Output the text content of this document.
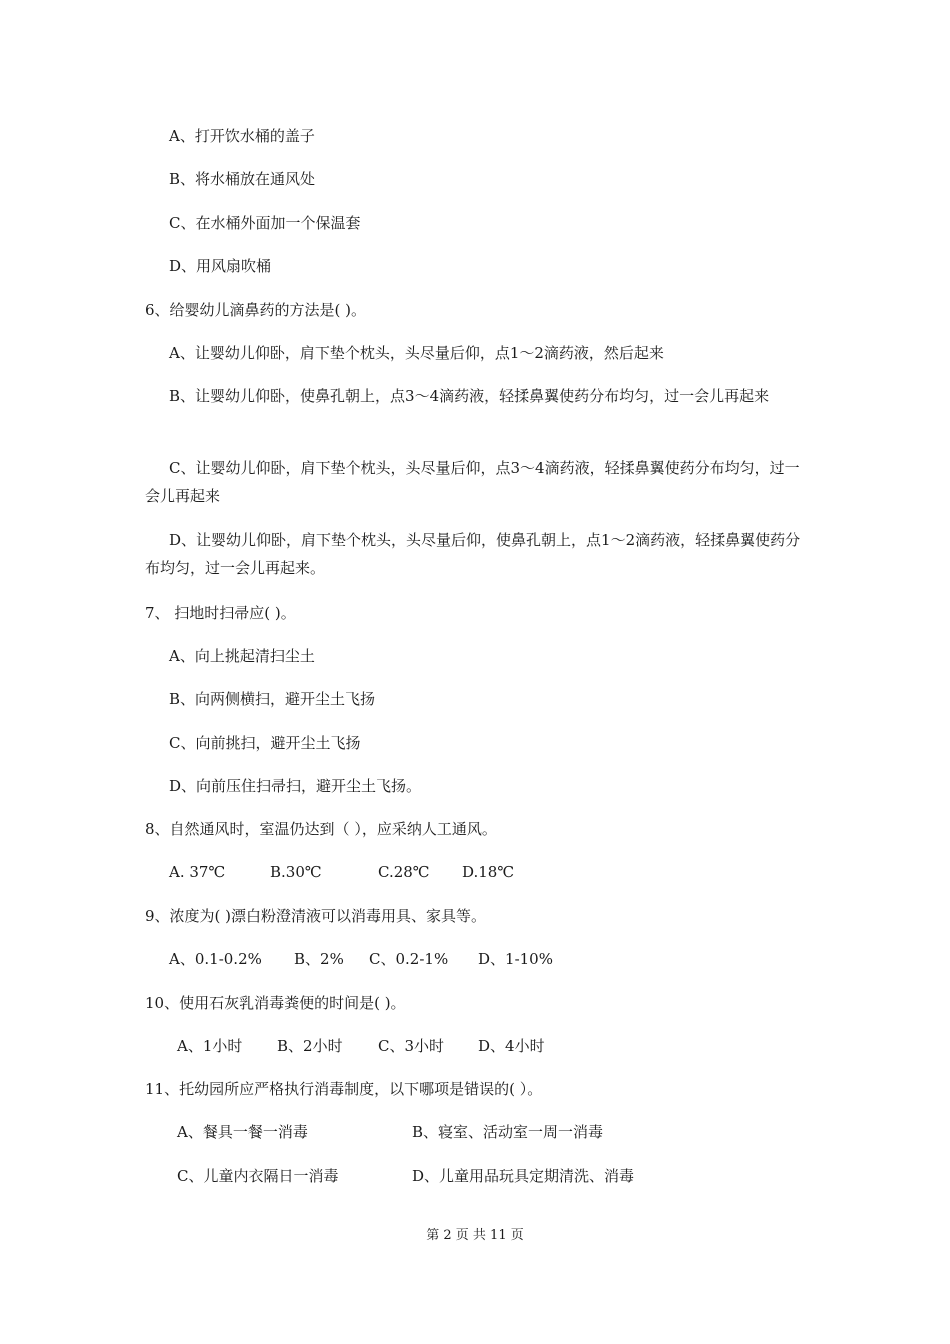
A、打开饮水桶的盖子
B、将水桶放在通风处
C、在水桶外面加一个保温套
D、用风扇吹桶
6、给婴幼儿滴鼻药的方法是( )。
A、让婴幼儿仰卧，肩下垫个枕头，头尽量后仰，点1～2滴药液，然后起来
B、让婴幼儿仰卧，使鼻孔朝上，点3～4滴药液，轻揉鼻翼使药分布均匀，过一会儿再起来
C、让婴幼儿仰卧，肩下垫个枕头，头尽量后仰，点3～4滴药液，轻揉鼻翼使药分布均匀，过一会儿再起来
D、让婴幼儿仰卧，肩下垫个枕头，头尽量后仰，使鼻孔朝上，点1～2滴药液，轻揉鼻翼使药分布均匀，过一会儿再起来。
7、 扫地时扫帚应( )。
A、向上挑起清扫尘土
B、向两侧横扫，避开尘土飞扬
C、向前挑扫，避开尘土飞扬
D、向前压住扫帚扫，避开尘土飞扬。
8、自然通风时，室温仍达到（ ），应采纳人工通风。
A. 37℃	B.30℃	C.28℃ D.18℃
9、浓度为( )漂白粉澄清液可以消毒用具、家具等。
A、0.1-0.2% B、2% C、0.2-1% D、1-10%
10、使用石灰乳消毒粪便的时间是( )。
A、1小时 B、2小时 C、3小时 D、4小时
11、托幼园所应严格执行消毒制度，以下哪项是错误的( ）。
A、餐具一餐一消毒	B、寝室、活动室一周一消毒
C、儿童内衣隔日一消毒	D、儿童用品玩具定期清洗、消毒
第 2 页 共 11 页
